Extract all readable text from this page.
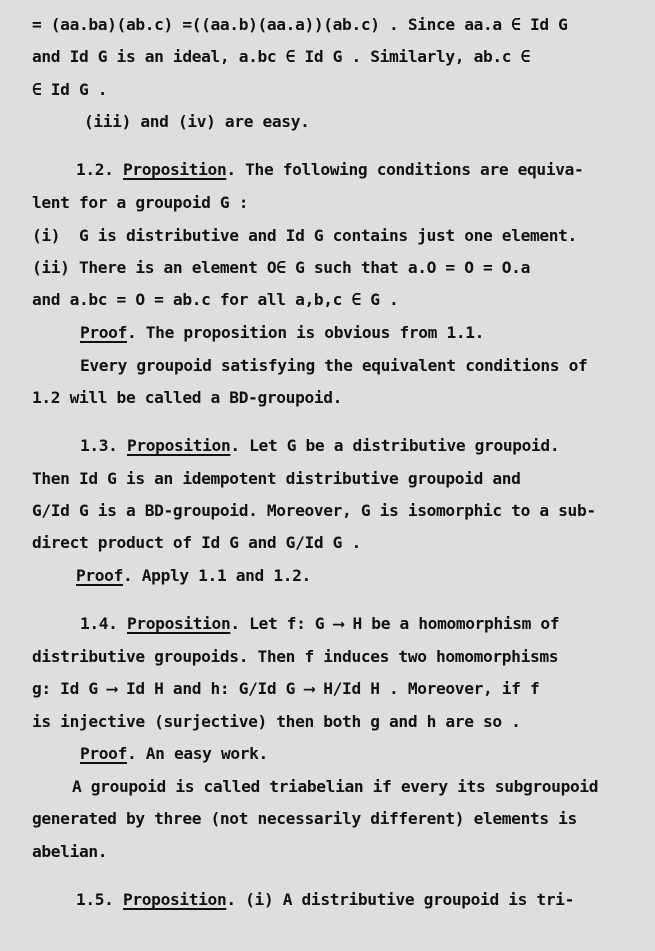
= (aa.ba)(ab.c) =((aa.b)(aa.a))(ab.c) . Since aa.a ∈ Id G
and Id G is an ideal, a.bc ∈ Id G . Similarly, ab.c ∈
∈ Id G .
(iii) and (iv) are easy.
1.2. Proposition. The following conditions are equiva-
lent for a groupoid G :
(i)  G is distributive and Id G contains just one element.
(ii) There is an element O∈ G such that a.O = O = O.a
and a.bc = O = ab.c for all a,b,c ∈ G .
Proof. The proposition is obvious from 1.1.
Every groupoid satisfying the equivalent conditions of
1.2 will be called a BD-groupoid.
1.3. Proposition. Let G be a distributive groupoid.
Then Id G is an idempotent distributive groupoid and
G/Id G is a BD-groupoid. Moreover, G is isomorphic to a sub-
direct product of Id G and G/Id G .
Proof. Apply 1.1 and 1.2.
1.4. Proposition. Let f: G ⟶ H be a homomorphism of
distributive groupoids. Then f induces two homomorphisms
g: Id G ⟶ Id H and h: G/Id G ⟶ H/Id H . Moreover, if f
is injective (surjective) then both g and h are so .
Proof. An easy work.
A groupoid is called triabelian if every its subgroupoid
generated by three (not necessarily different) elements is
abelian.
1.5. Proposition. (i) A distributive groupoid is tri-
